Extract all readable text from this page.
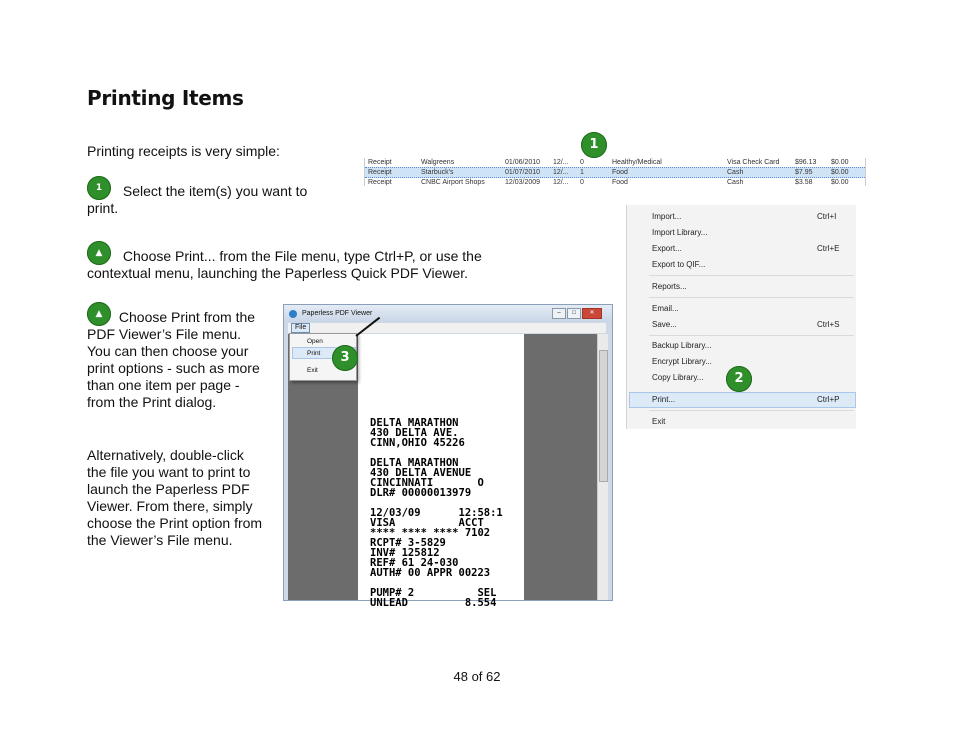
Printing Items
Printing receipts is very simple:
1 Select the item(s) you want to
print.
▲ Choose Print... from the File menu, type Ctrl+P, or use the
contextual menu, launching the Paperless Quick PDF Viewer.
▲ Choose Print from the
PDF Viewer’s File menu.
You can then choose your
print options - such as more
than one item per page -
from the Print dialog.
Alternatively, double-click
the file you want to print to
launch the Paperless PDF
Viewer. From there, simply
choose the Print option from
the Viewer’s File menu.
1
Receipt	Walgreens	01/06/2010 12/... 0	Healthy/Medical	Visa Check Card $96.13 $0.00
Receipt	Starbuck's	01/07/2010 12/... 1	Food	Cash	$7.95	$0.00
Receipt	CNBC Airport Shops	12/03/2009 12/... 0	Food	Cash	$3.58	$0.00
Paperless PDF Viewer	–	□	✕
File
DELTA MARATHON
430 DELTA AVE.
CINN,OHIO 45226

DELTA MARATHON
430 DELTA AVENUE
CINCINNATI       O
DLR# 00000013979

12/03/09      12:58:1
VISA          ACCT
**** **** **** 7102
RCPT# 3-5829
INV# 125812
REF# 61 24-030
AUTH# 00 APPR 00223

PUMP# 2          SEL
UNLEAD         8.554
Open
Print
Exit
3
Import...	Ctrl+I
Import Library...
Export...	Ctrl+E
Export to QIF...
Reports...
Email...
Save...	Ctrl+S
Backup Library...
Encrypt Library...
Copy Library...
Print...	Ctrl+P
Exit
2
48 of 62
